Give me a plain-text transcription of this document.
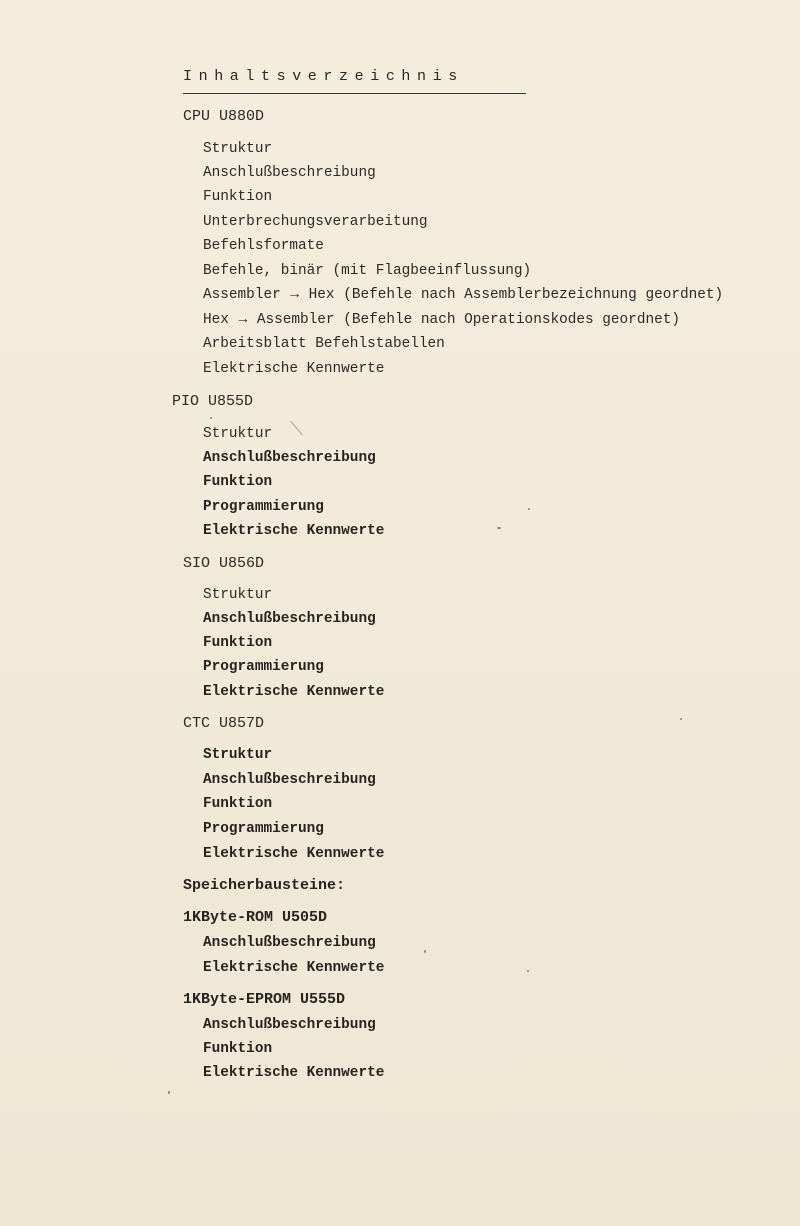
Inhaltsverzeichnis
CPU U880D
Struktur
Anschlußbeschreibung
Funktion
Unterbrechungsverarbeitung
Befehlsformate
Befehle, binär (mit Flagbeeinflussung)
Assembler → Hex (Befehle nach Assemblerbezeichnung geordnet)
Hex → Assembler (Befehle nach Operationskodes geordnet)
Arbeitsblatt Befehlstabellen
Elektrische Kennwerte
PIO U855D
Struktur
Anschlußbeschreibung
Funktion
Programmierung
Elektrische Kennwerte
SIO U856D
Struktur
Anschlußbeschreibung
Funktion
Programmierung
Elektrische Kennwerte
CTC U857D
Struktur
Anschlußbeschreibung
Funktion
Programmierung
Elektrische Kennwerte
Speicherbausteine:
1KByte-ROM U505D
Anschlußbeschreibung
Elektrische Kennwerte
1KByte-EPROM U555D
Anschlußbeschreibung
Funktion
Elektrische Kennwerte
